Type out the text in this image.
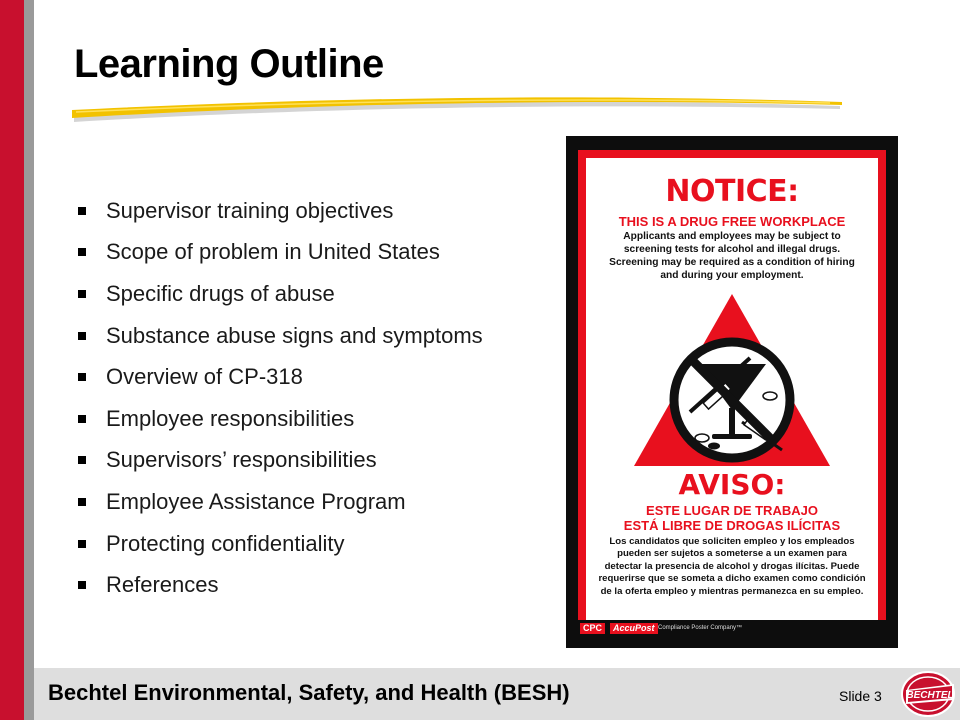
Learning Outline
Supervisor training objectives
Scope of problem in United States
Specific drugs of abuse
Substance abuse signs and symptoms
Overview of CP-318
Employee responsibilities
Supervisors’ responsibilities
Employee Assistance Program
Protecting confidentiality
References
NOTICE:
THIS IS A DRUG FREE WORKPLACE
Applicants and employees may be subject to screening tests for alcohol and illegal drugs. Screening may be required as a condition of hiring and during your employment.
AVISO:
ESTE LUGAR DE TRABAJO
ESTÁ LIBRE DE DROGAS ILÍCITAS
Los candidatos que soliciten empleo y los empleados pueden ser sujetos a someterse a un examen para detectar la presencia de alcohol y drogas ilícitas. Puede requerirse que se someta a dicho examen como condición de la oferta empleo y mientras permanezca en su empleo.
CPC	AccuPost Compliance Poster Company™
Bechtel Environmental, Safety, and Health (BESH)	Slide 3 BECHTEL
